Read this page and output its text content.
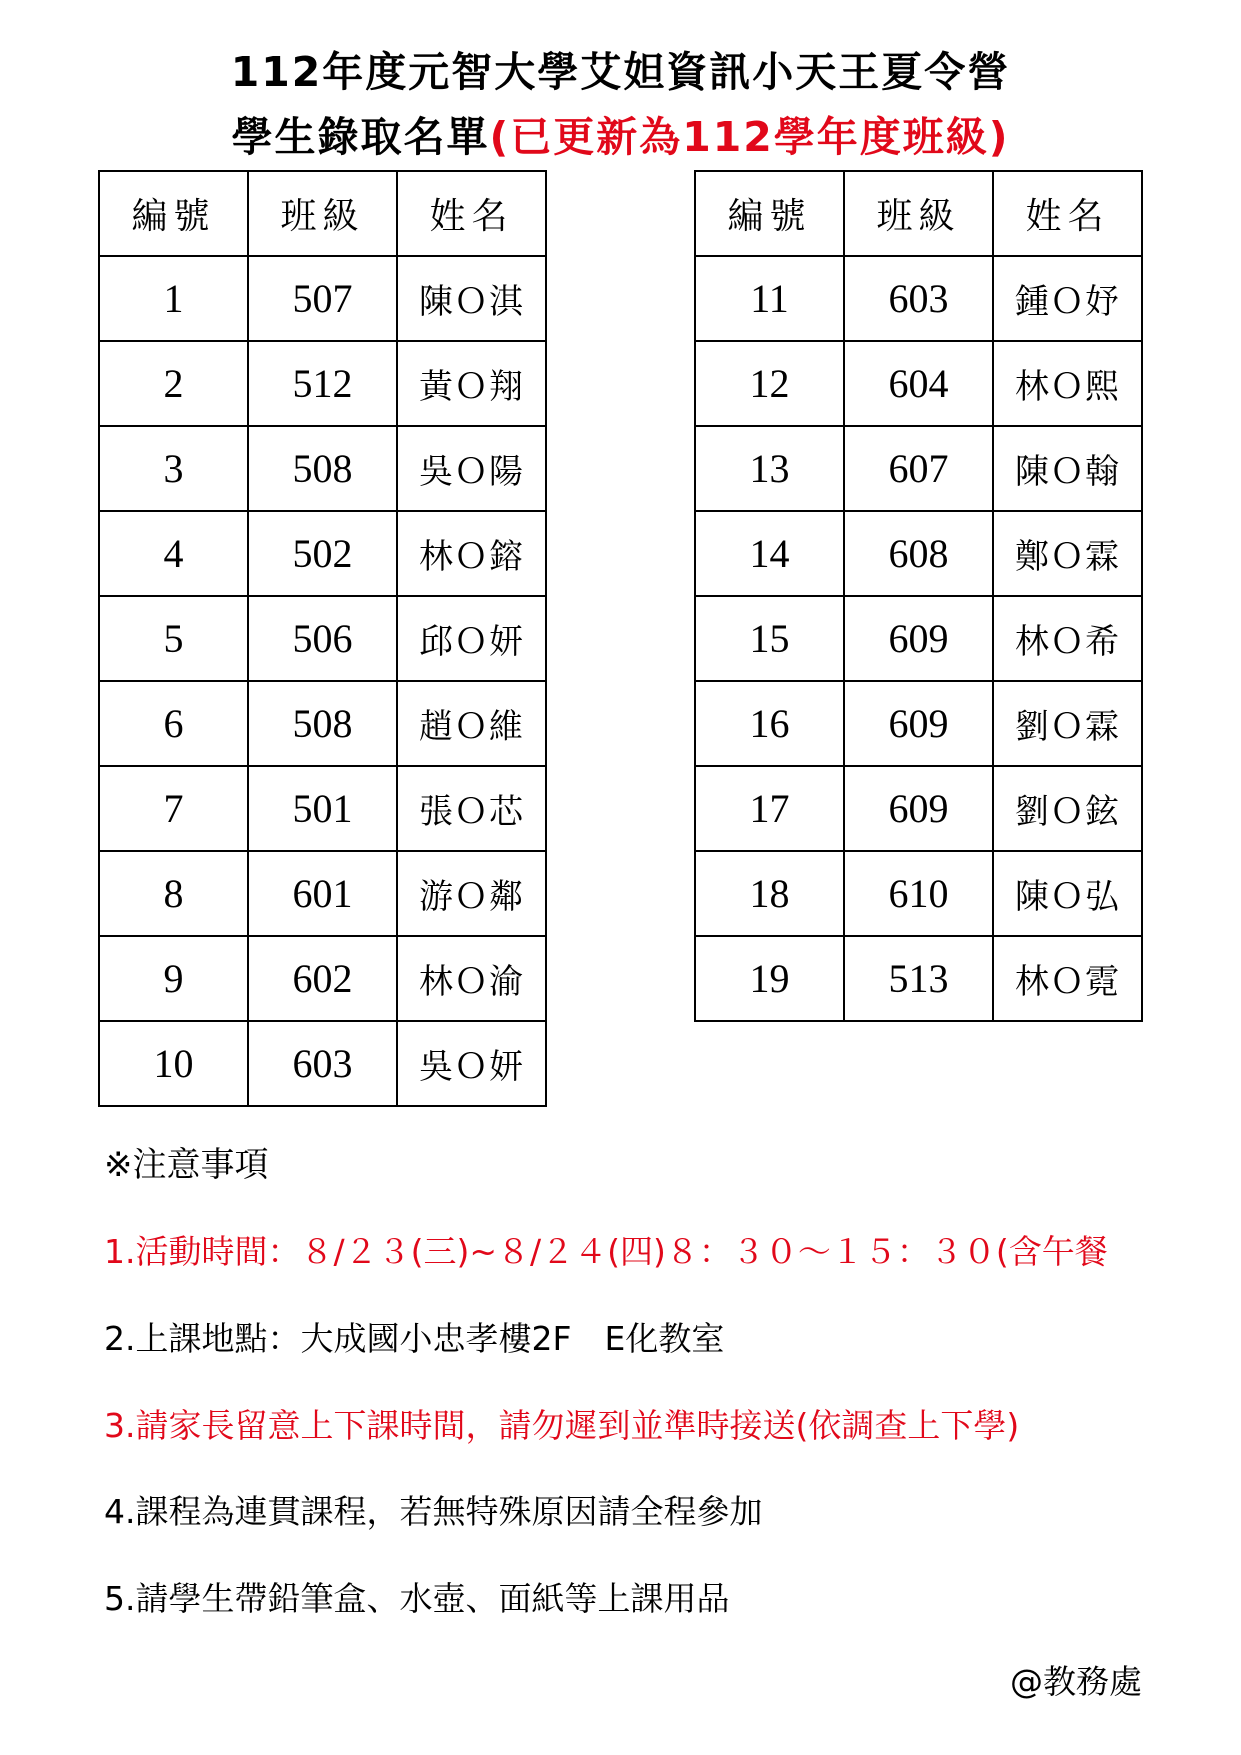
112年度元智大學艾妲資訊小天王夏令營
學生錄取名單(已更新為112學年度班級)
編號	班級	姓名
1	507	陳Ｏ淇
2	512	黃Ｏ翔
3	508	吳Ｏ陽
4	502	林Ｏ鎔
5	506	邱Ｏ妍
6	508	趙Ｏ維
7	501	張Ｏ芯
8	601	游Ｏ鄰
9	602	林Ｏ渝
10	603	吳Ｏ妍
編號	班級	姓名
11	603	鍾Ｏ妤
12	604	林Ｏ熙
13	607	陳Ｏ翰
14	608	鄭Ｏ霖
15	609	林Ｏ希
16	609	劉Ｏ霖
17	609	劉Ｏ鉉
18	610	陳Ｏ弘
19	513	林Ｏ霓
※注意事項
1.活動時間：８/２３(三)~８/２４(四)８：３０～１５：３０(含午餐
2.上課地點：大成國小忠孝樓2F　E化教室
3.請家長留意上下課時間，請勿遲到並準時接送(依調查上下學)
4.課程為連貫課程，若無特殊原因請全程參加
5.請學生帶鉛筆盒、水壺、面紙等上課用品
@教務處
